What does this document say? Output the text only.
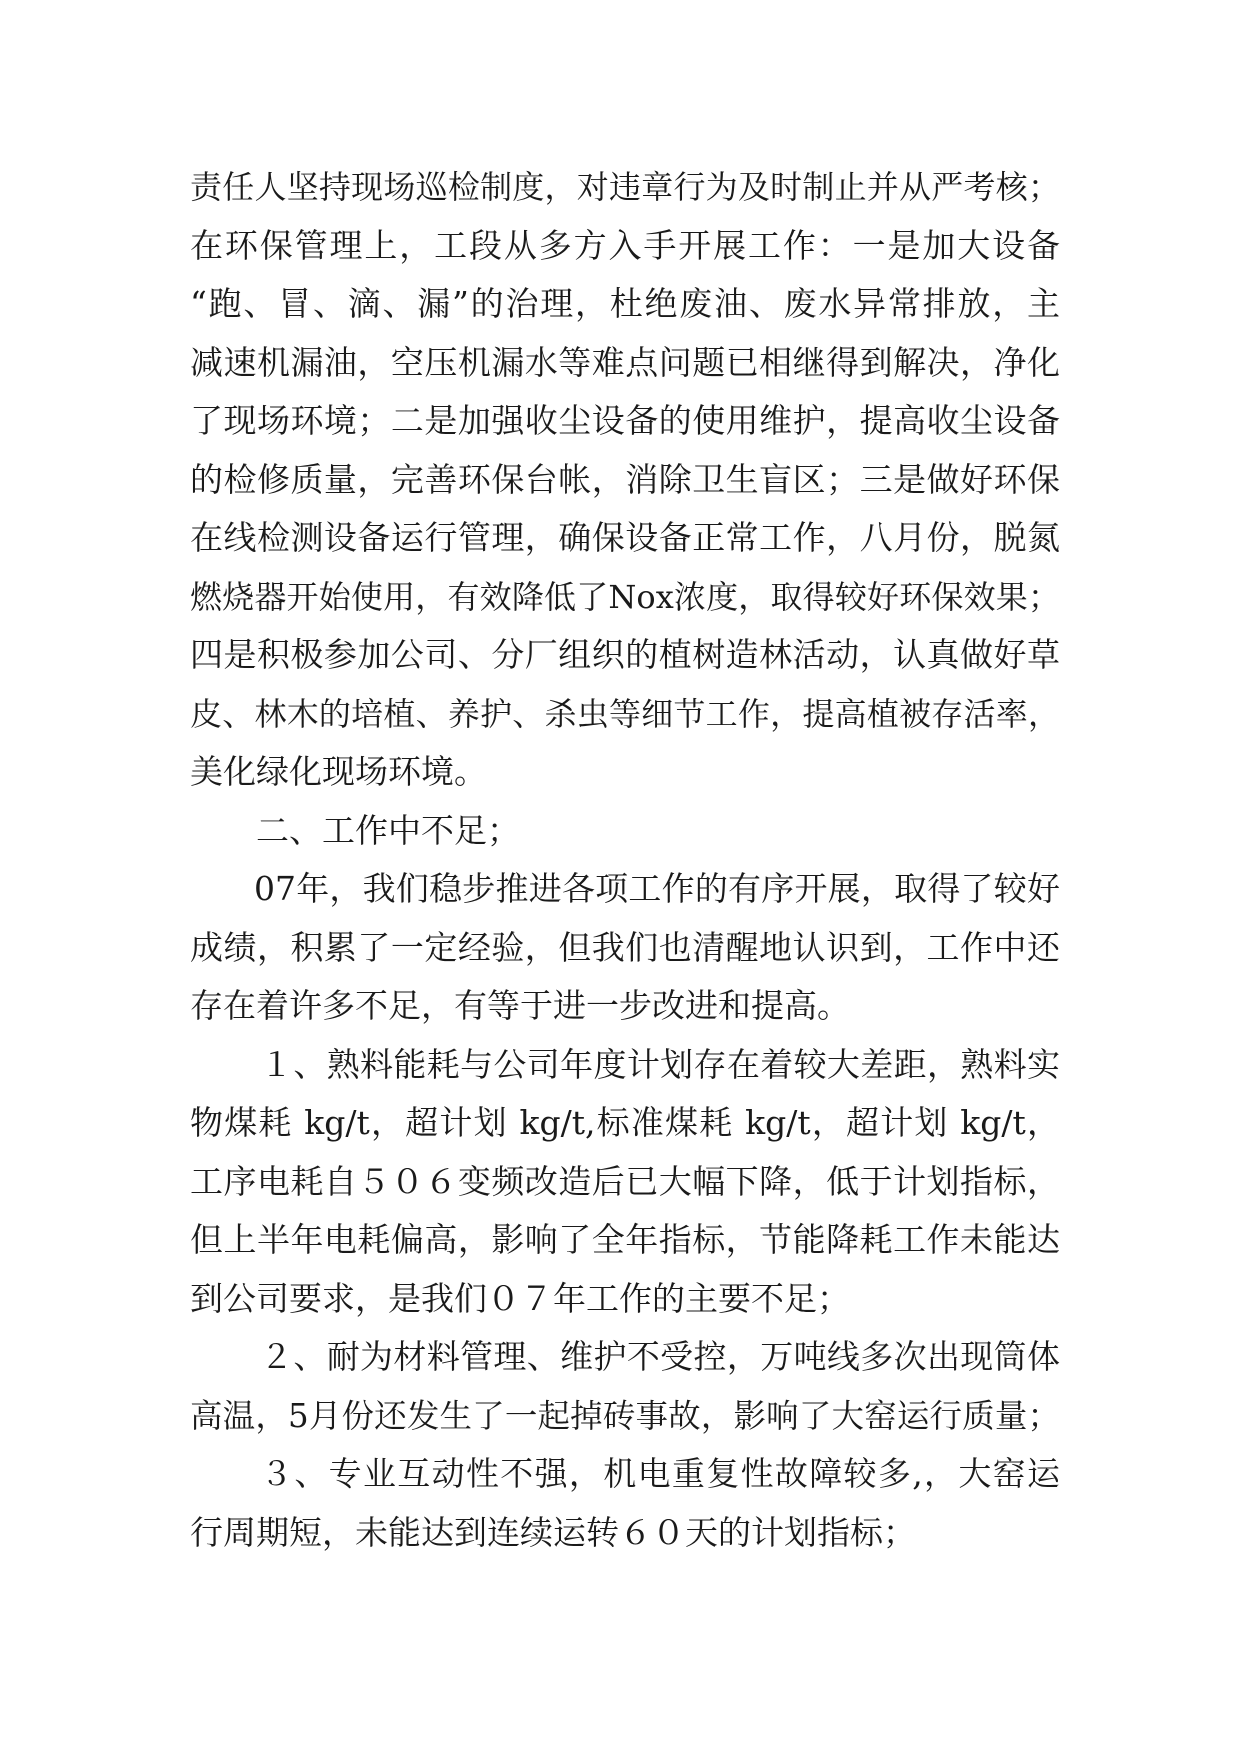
责任人坚持现场巡检制度，对违章行为及时制止并从严考核；
在环保管理上，工段从多方入手开展工作：一是加大设备
“跑、冒、滴、漏”的治理，杜绝废油、废水异常排放，主
减速机漏油，空压机漏水等难点问题已相继得到解决，净化
了现场环境；二是加强收尘设备的使用维护，提高收尘设备
的检修质量，完善环保台帐，消除卫生盲区；三是做好环保
在线检测设备运行管理，确保设备正常工作，八月份，脱氮
燃烧器开始使用，有效降低了Nox浓度，取得较好环保效果；
四是积极参加公司、分厂组织的植树造林活动，认真做好草
皮、林木的培植、养护、杀虫等细节工作，提高植被存活率，
美化绿化现场环境。
二、工作中不足；
07年，我们稳步推进各项工作的有序开展，取得了较好
成绩，积累了一定经验，但我们也清醒地认识到，工作中还
存在着许多不足，有等于进一步改进和提高。
１、熟料能耗与公司年度计划存在着较大差距，熟料实
物煤耗 kg/t，超计划 kg/t,标准煤耗 kg/t，超计划 kg/t，
工序电耗自５０６变频改造后已大幅下降，低于计划指标，
但上半年电耗偏高，影响了全年指标，节能降耗工作未能达
到公司要求，是我们０７年工作的主要不足；
２、耐为材料管理、维护不受控，万吨线多次出现筒体
高温，5月份还发生了一起掉砖事故，影响了大窑运行质量；
３、专业互动性不强，机电重复性故障较多,，大窑运
行周期短，未能达到连续运转６０天的计划指标；
